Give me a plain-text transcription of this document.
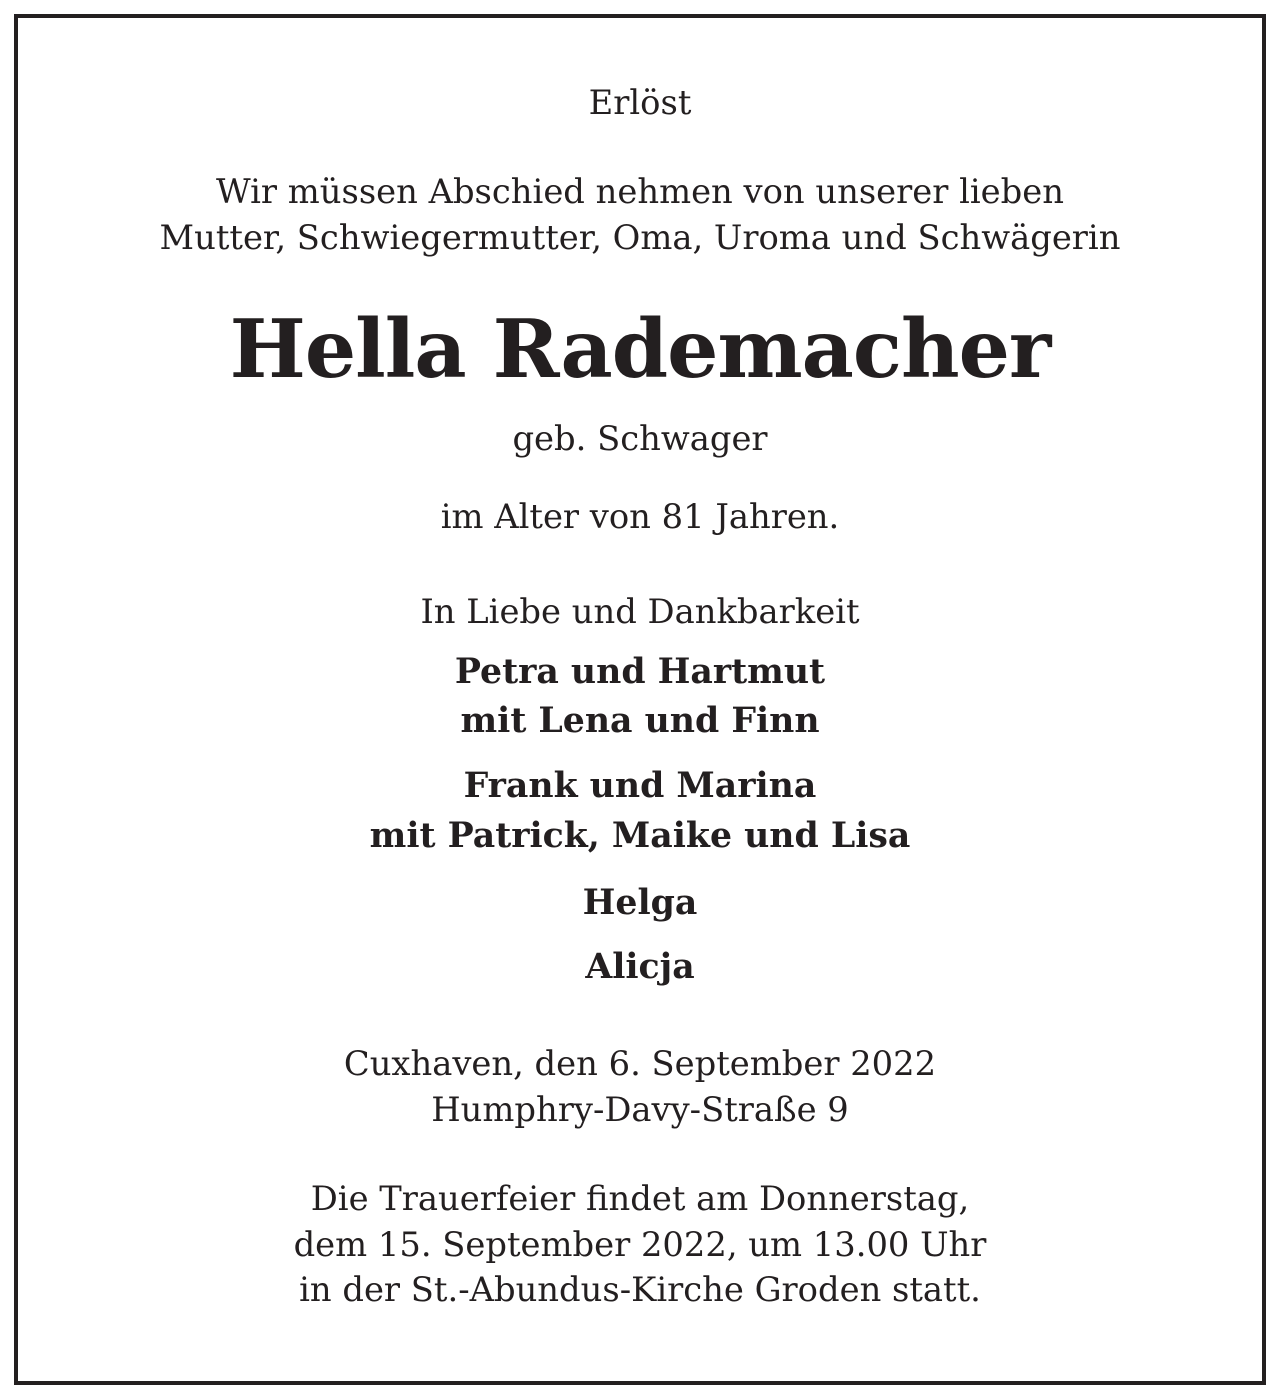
Erlöst
Wir müssen Abschied nehmen von unserer lieben
Mutter, Schwiegermutter, Oma, Uroma und Schwägerin
Hella Rademacher
geb. Schwager
im Alter von 81 Jahren.
In Liebe und Dankbarkeit
Petra und Hartmut
mit Lena und Finn
Frank und Marina
mit Patrick, Maike und Lisa
Helga
Alicja
Cuxhaven, den 6. September 2022
Humphry-Davy-Straße 9
Die Trauerfeier findet am Donnerstag,
dem 15. September 2022, um 13.00 Uhr
in der St.-Abundus-Kirche Groden statt.
